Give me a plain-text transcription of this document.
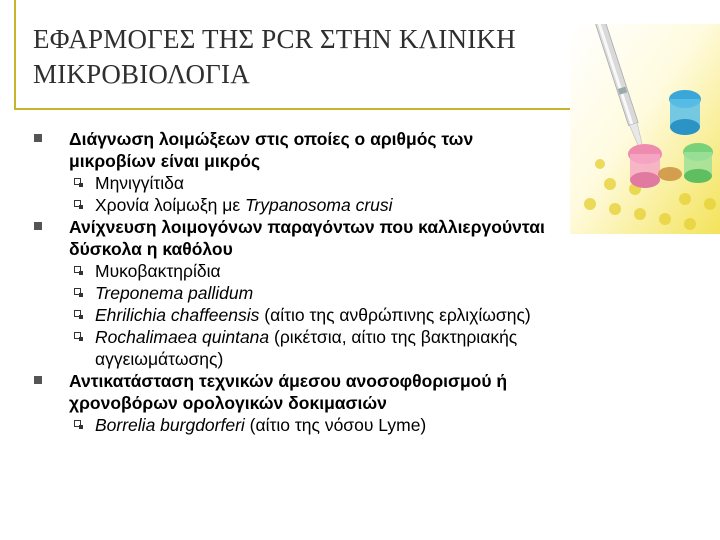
ΕΦΑΡΜΟΓΕΣ ΤΗΣ PCR ΣΤΗΝ ΚΛΙΝΙΚΗ
ΜΙΚΡΟΒΙΟΛΟΓΙΑ
Διάγνωση λοιμώξεων στις οποίες ο αριθμός των
μικροβίων είναι μικρός
Μηνιγγίτιδα
Χρονία λοίμωξη με Trypanosoma crusi
Ανίχνευση λοιμογόνων παραγόντων που καλλιεργούνται
δύσκολα η καθόλου
Μυκοβακτηρίδια
Treponema pallidum
Ehrilichia chaffeensis (αίτιο της ανθρώπινης ερλιχίωσης)
Rochalimaea quintana (ρικέτσια, αίτιο της βακτηριακής
αγγειωμάτωσης)
Αντικατάσταση τεχνικών άμεσου ανοσοφθορισμού ή
χρονοβόρων ορολογικών δοκιμασιών
Borrelia burgdorferi (αίτιο της νόσου Lyme)
